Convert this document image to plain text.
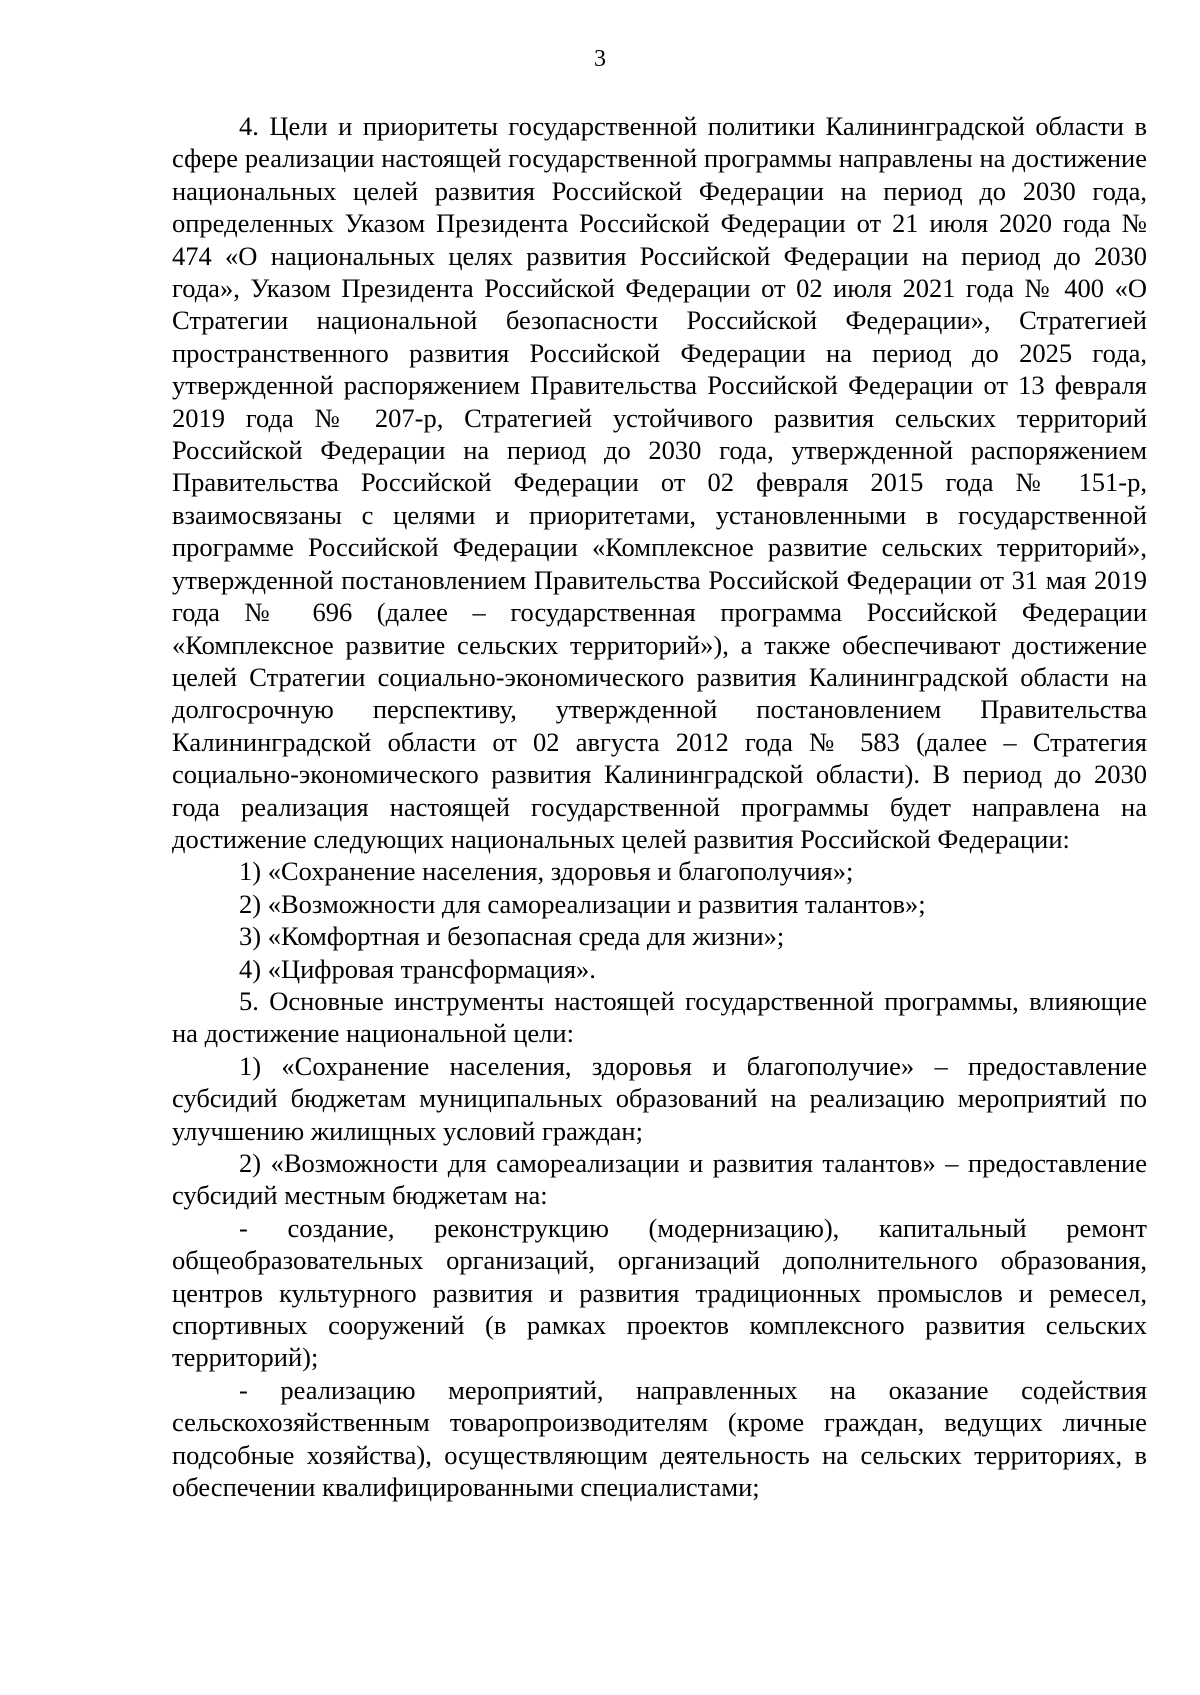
3

4. Цели и приоритеты государственной политики Калининградской области в сфере реализации настоящей государственной программы направлены на достижение национальных целей развития Российской Федерации на период до 2030 года, определенных Указом Президента Российской Федерации от 21 июля 2020 года № 474 «О национальных целях развития Российской Федерации на период до 2030 года», Указом Президента Российской Федерации от 02 июля 2021 года № 400 «О Стратегии национальной безопасности Российской Федерации», Стратегией пространственного развития Российской Федерации на период до 2025 года, утвержденной распоряжением Правительства Российской Федерации от 13 февраля 2019 года № 207-р, Стратегией устойчивого развития сельских территорий Российской Федерации на период до 2030 года, утвержденной распоряжением Правительства Российской Федерации от 02 февраля 2015 года № 151-р, взаимосвязаны с целями и приоритетами, установленными в государственной программе Российской Федерации «Комплексное развитие сельских территорий», утвержденной постановлением Правительства Российской Федерации от 31 мая 2019 года № 696 (далее – государственная программа Российской Федерации «Комплексное развитие сельских территорий»), а также обеспечивают достижение целей Стратегии социально-экономического развития Калининградской области на долгосрочную перспективу, утвержденной постановлением Правительства Калининградской области от 02 августа 2012 года № 583 (далее – Стратегия социально-экономического развития Калининградской области). В период до 2030 года реализация настоящей государственной программы будет направлена на достижение следующих национальных целей развития Российской Федерации:

1) «Сохранение населения, здоровья и благополучия»;

2) «Возможности для самореализации и развития талантов»;

3) «Комфортная и безопасная среда для жизни»;

4) «Цифровая трансформация».

5. Основные инструменты настоящей государственной программы, влияющие на достижение национальной цели:

1) «Сохранение населения, здоровья и благополучие» – предоставление субсидий бюджетам муниципальных образований на реализацию мероприятий по улучшению жилищных условий граждан;

2) «Возможности для самореализации и развития талантов» – предоставление субсидий местным бюджетам на:

- создание, реконструкцию (модернизацию), капитальный ремонт общеобразовательных организаций, организаций дополнительного образования, центров культурного развития и развития традиционных промыслов и ремесел, спортивных сооружений (в рамках проектов комплексного развития сельских территорий);

- реализацию мероприятий, направленных на оказание содействия сельскохозяйственным товаропроизводителям (кроме граждан, ведущих личные подсобные хозяйства), осуществляющим деятельность на сельских территориях, в обеспечении квалифицированными специалистами;
